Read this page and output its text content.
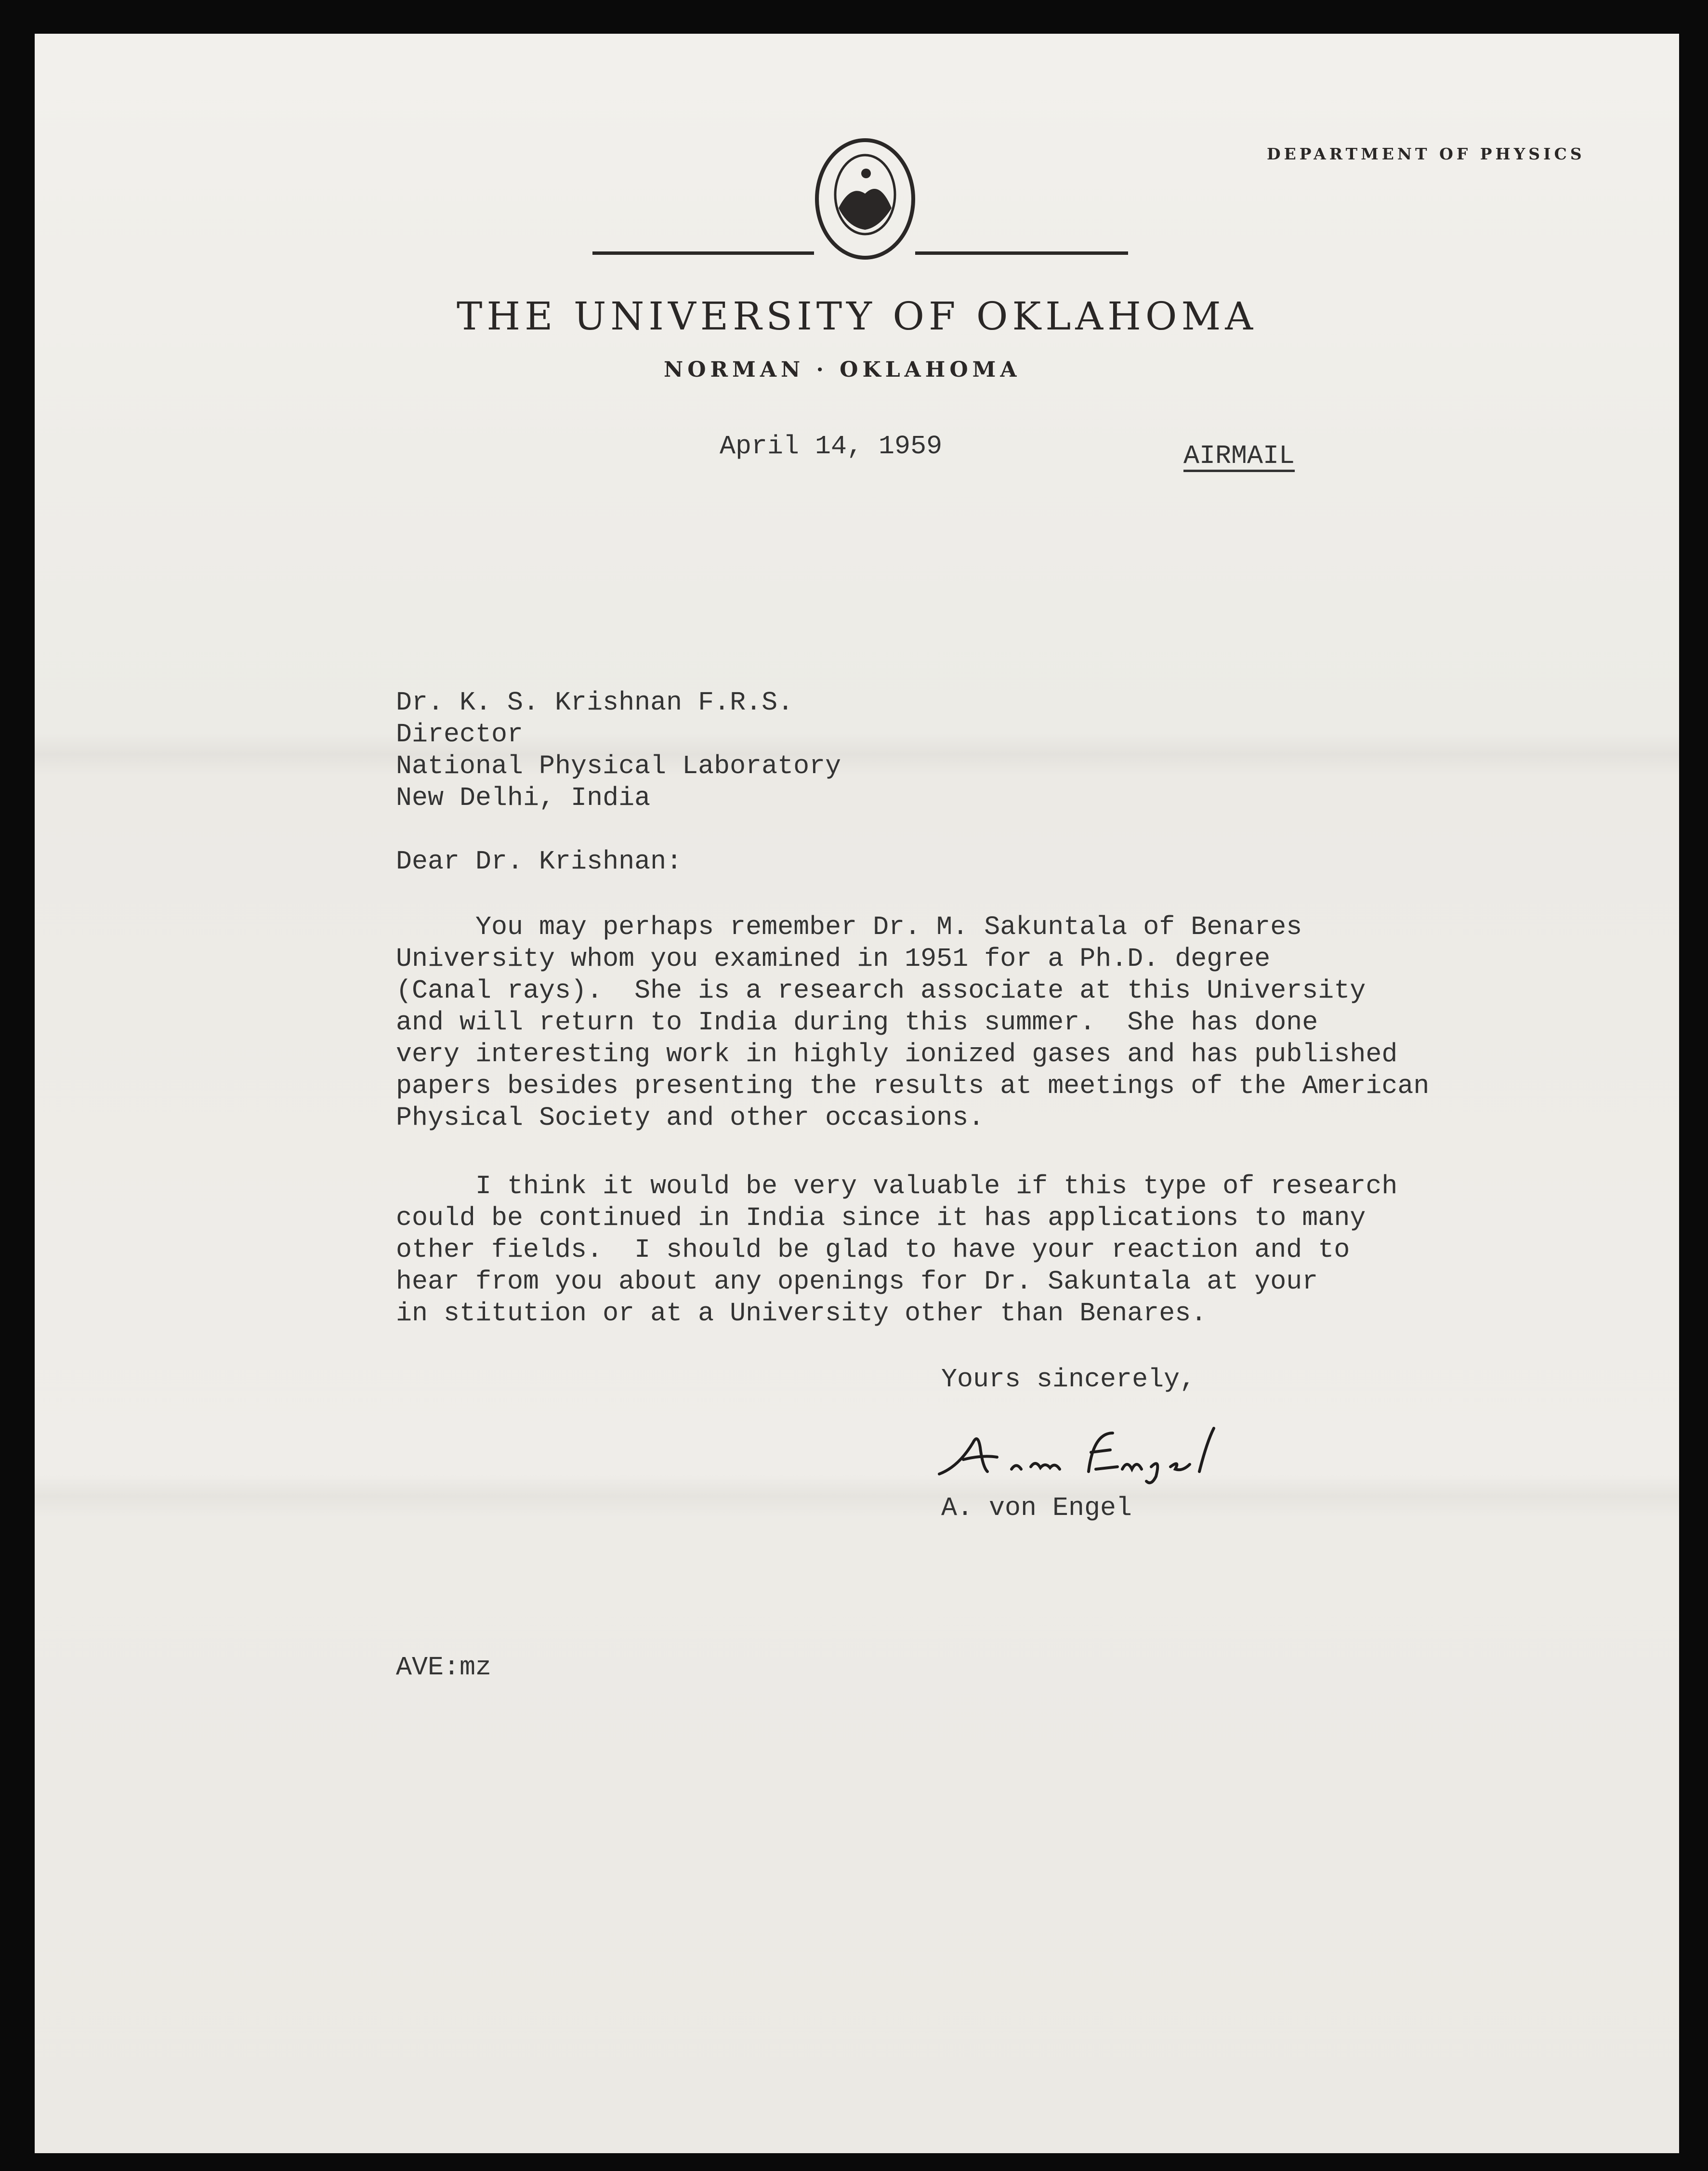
DEPARTMENT OF PHYSICS
THE UNIVERSITY OF OKLAHOMA
NORMAN · OKLAHOMA
April 14, 1959	AIRMAIL
Dr. K. S. Krishnan F.R.S.
Director
National Physical Laboratory
New Delhi, India
Dear Dr. Krishnan:
You may perhaps remember Dr. M. Sakuntala of Benares
University whom you examined in 1951 for a Ph.D. degree
(Canal rays).  She is a research associate at this University
and will return to India during this summer.  She has done
very interesting work in highly ionized gases and has published
papers besides presenting the results at meetings of the American
Physical Society and other occasions.
I think it would be very valuable if this type of research
could be continued in India since it has applications to many
other fields.  I should be glad to have your reaction and to
hear from you about any openings for Dr. Sakuntala at your
in stitution or at a University other than Benares.
Yours sincerely,
A. von Engel
AVE:mz
